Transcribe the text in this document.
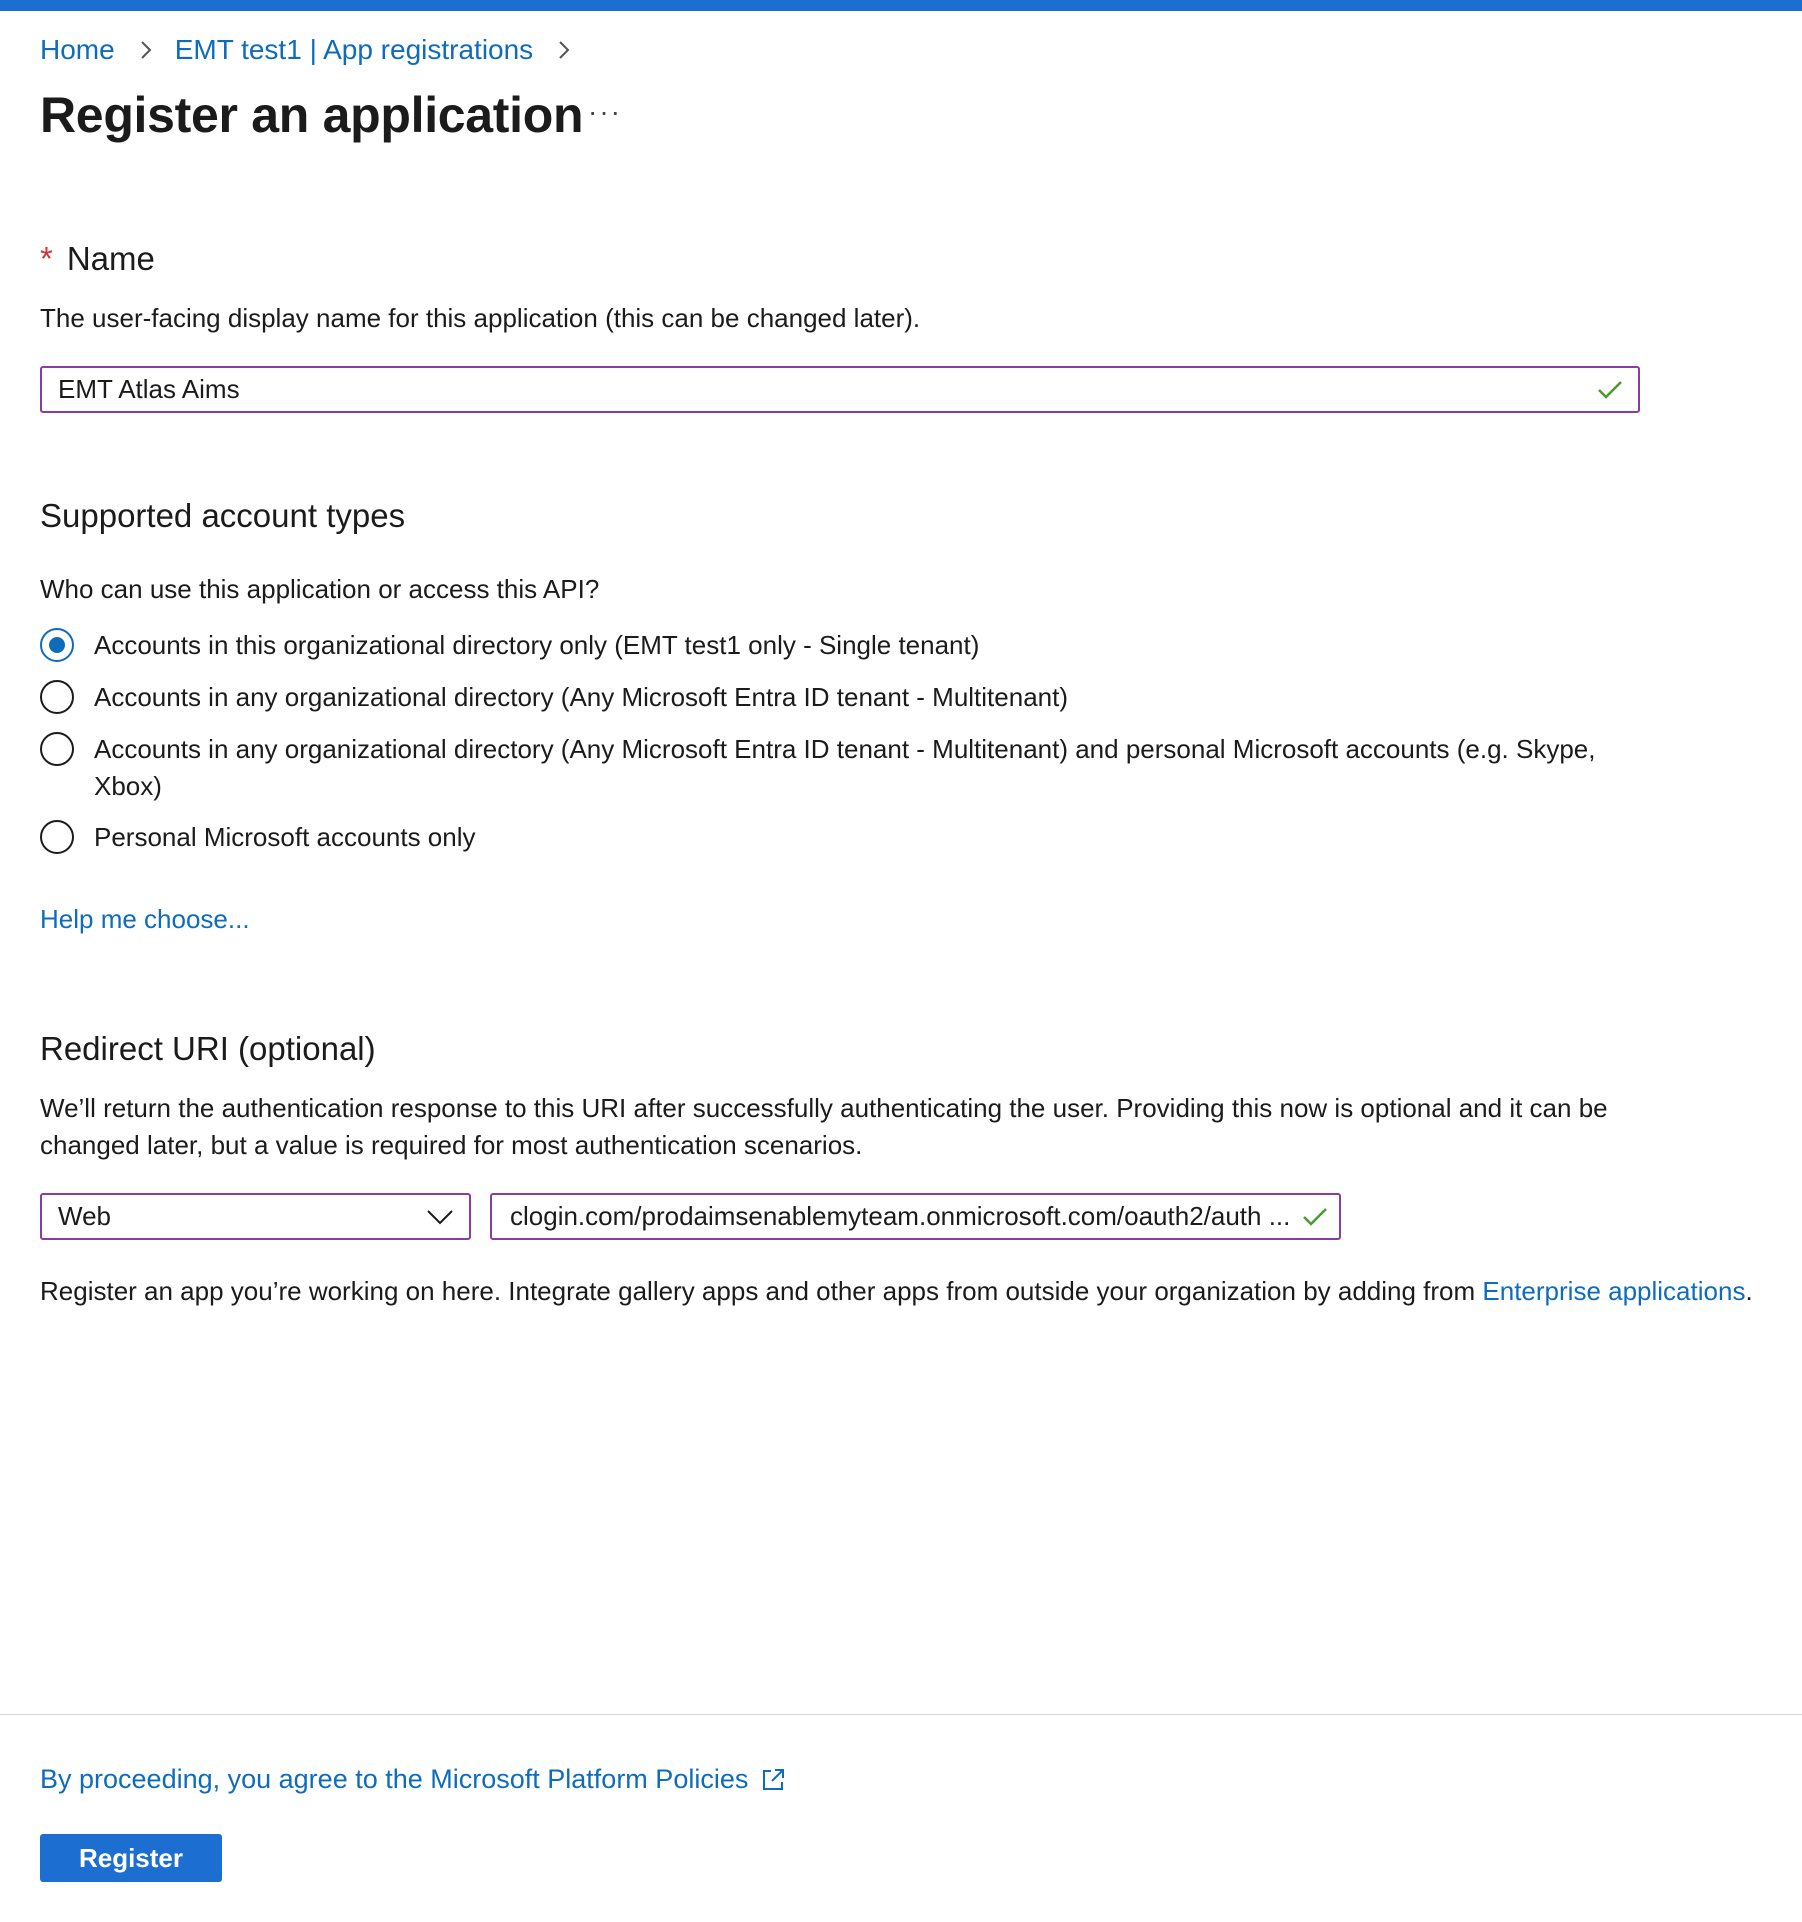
Home EMT test1 | App registrations
Register an application ···
* Name
The user-facing display name for this application (this can be changed later).
EMT Atlas Aims
Supported account types
Who can use this application or access this API?
Accounts in this organizational directory only (EMT test1 only - Single tenant)
Accounts in any organizational directory (Any Microsoft Entra ID tenant - Multitenant)
Accounts in any organizational directory (Any Microsoft Entra ID tenant - Multitenant) and personal Microsoft accounts (e.g. Skype, Xbox)
Personal Microsoft accounts only
Help me choose...
Redirect URI (optional)
We’ll return the authentication response to this URI after successfully authenticating the user. Providing this now is optional and it can be changed later, but a value is required for most authentication scenarios.
Web	clogin.com/prodaimsenablemyteam.onmicrosoft.com/oauth2/auth ...
Register an app you’re working on here. Integrate gallery apps and other apps from outside your organization by adding from Enterprise applications.
By proceeding, you agree to the Microsoft Platform Policies
Register
